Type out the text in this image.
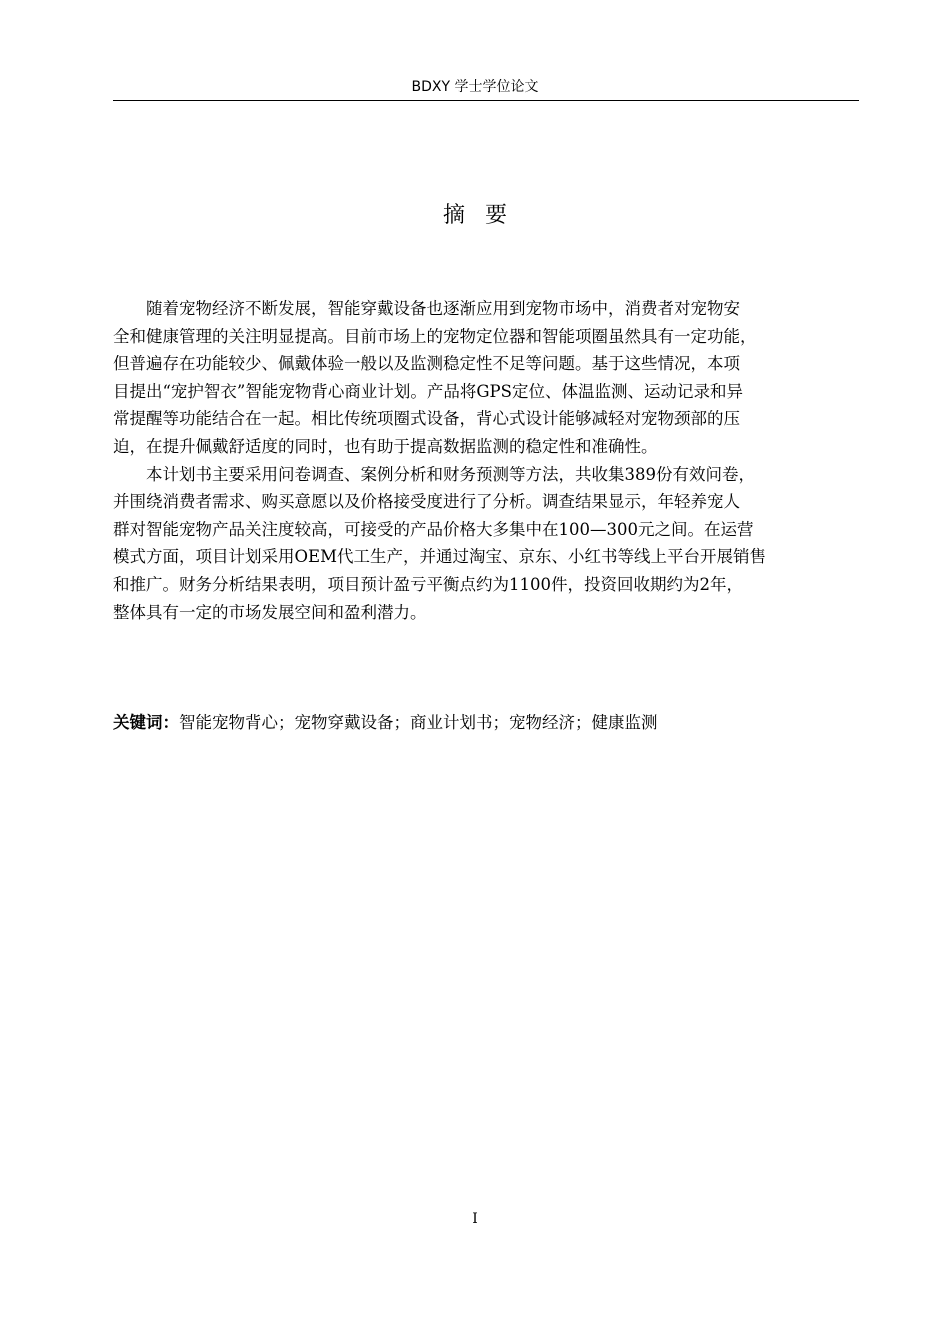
BDXY 学士学位论文
摘要

随着宠物经济不断发展，智能穿戴设备也逐渐应用到宠物市场中，消费者对宠物安
全和健康管理的关注明显提高。目前市场上的宠物定位器和智能项圈虽然具有一定功能，
但普遍存在功能较少、佩戴体验一般以及监测稳定性不足等问题。基于这些情况，本项
目提出“宠护智衣”智能宠物背心商业计划。产品将GPS定位、体温监测、运动记录和异
常提醒等功能结合在一起。相比传统项圈式设备，背心式设计能够减轻对宠物颈部的压
迫，在提升佩戴舒适度的同时，也有助于提高数据监测的稳定性和准确性。

本计划书主要采用问卷调查、案例分析和财务预测等方法，共收集389份有效问卷，
并围绕消费者需求、购买意愿以及价格接受度进行了分析。调查结果显示，年轻养宠人
群对智能宠物产品关注度较高，可接受的产品价格大多集中在100—300元之间。在运营
模式方面，项目计划采用OEM代工生产，并通过淘宝、京东、小红书等线上平台开展销售
和推广。财务分析结果表明，项目预计盈亏平衡点约为1100件，投资回收期约为2年，
整体具有一定的市场发展空间和盈利潜力。

关键词：智能宠物背心；宠物穿戴设备；商业计划书；宠物经济；健康监测
I
